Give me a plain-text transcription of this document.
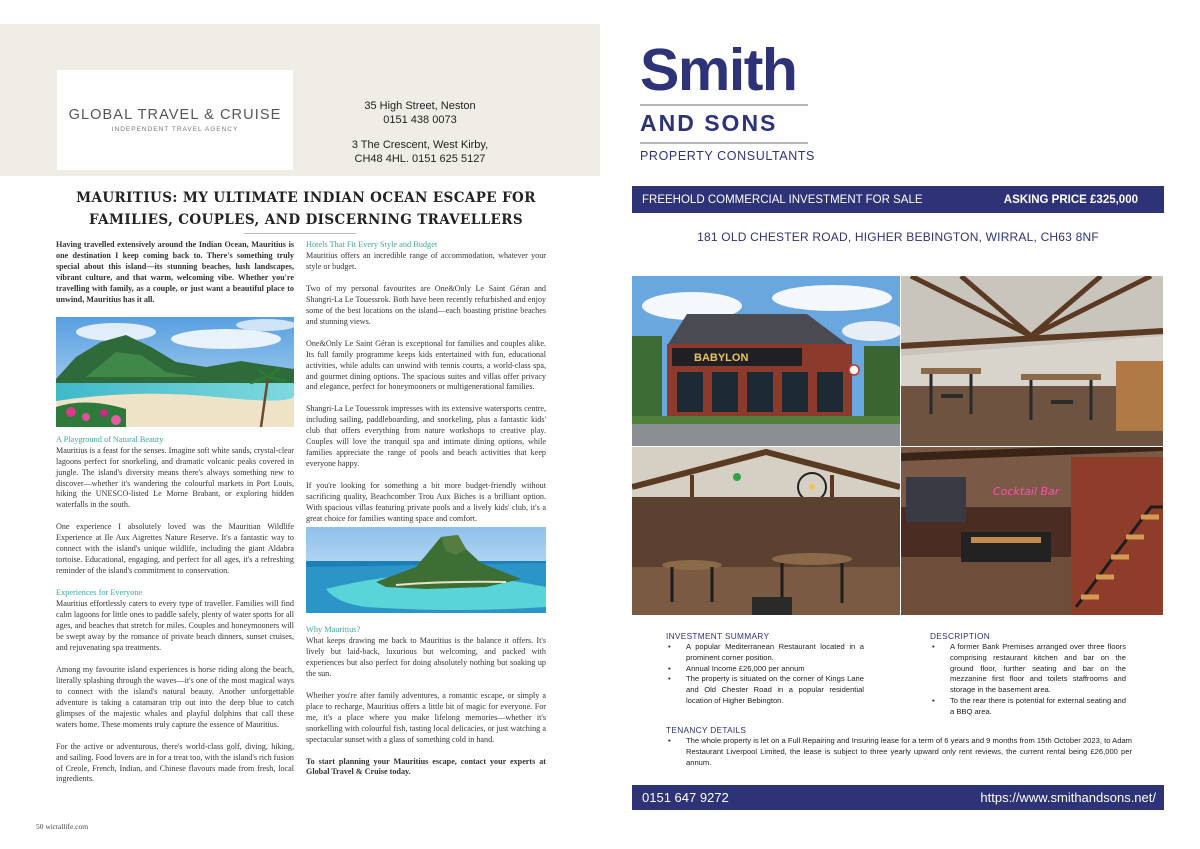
GLOBAL TRAVEL & CRUISE
INDEPENDENT TRAVEL AGENCY
35 High Street, Neston
0151 438 0073
3 The Crescent, West Kirby,
CH48 4HL. 0151 625 5127
MAURITIUS: MY ULTIMATE INDIAN OCEAN ESCAPE FOR
FAMILIES, COUPLES, AND DISCERNING TRAVELLERS

Having travelled extensively around the Indian Ocean, Mauritius is one destination I keep coming back to. There's something truly special about this island—its stunning beaches, lush landscapes, vibrant culture, and that warm, welcoming vibe. Whether you're travelling with family, as a couple, or just want a beautiful place to unwind, Mauritius has it all.

A Playground of Natural Beauty

Mauritius is a feast for the senses. Imagine soft white sands, crystal-clear lagoons perfect for snorkeling, and dramatic volcanic peaks covered in jungle. The island's diversity means there's always something new to discover—whether it's wandering the colourful markets in Port Louis, hiking the UNESCO-listed Le Morne Brabant, or exploring hidden waterfalls in the south.

One experience I absolutely loved was the Mauritian Wildlife Experience at Ile Aux Aigrettes Nature Reserve. It's a fantastic way to connect with the island's unique wildlife, including the giant Aldabra tortoise. Educational, engaging, and perfect for all ages, it's a refreshing reminder of the island's commitment to conservation.

Experiences for Everyone

Mauritius effortlessly caters to every type of traveller. Families will find calm lagoons for little ones to paddle safely, plenty of water sports for all ages, and beaches that stretch for miles. Couples and honeymooners will be swept away by the romance of private beach dinners, sunset cruises, and rejuvenating spa treatments.

Among my favourite island experiences is horse riding along the beach, literally splashing through the waves—it's one of the most magical ways to connect with the island's natural beauty. Another unforgettable adventure is taking a catamaran trip out into the deep blue to catch glimpses of the majestic whales and playful dolphins that call these waters home. These moments truly capture the essence of Mauritius.

For the active or adventurous, there's world-class golf, diving, hiking, and sailing. Food lovers are in for a treat too, with the island's rich fusion of Creole, French, Indian, and Chinese flavours made from fresh, local ingredients.

Hotels That Fit Every Style and Budget

Mauritius offers an incredible range of accommodation, whatever your style or budget.

Two of my personal favourites are One&Only Le Saint Géran and Shangri-La Le Touessrok. Both have been recently refurbished and enjoy some of the best locations on the island—each boasting pristine beaches and stunning views.

One&Only Le Saint Géran is exceptional for families and couples alike. Its full family programme keeps kids entertained with fun, educational activities, while adults can unwind with tennis courts, a world-class spa, and gourmet dining options. The spacious suites and villas offer privacy and elegance, perfect for honeymooners or multigenerational families.

Shangri-La Le Touessrok impresses with its extensive watersports centre, including sailing, paddleboarding, and snorkeling, plus a fantastic kids' club that offers everything from nature workshops to creative play. Couples will love the tranquil spa and intimate dining options, while families appreciate the range of pools and beach activities that keep everyone happy.

If you're looking for something a bit more budget-friendly without sacrificing quality, Beachcomber Trou Aux Biches is a brilliant option. With spacious villas featuring private pools and a lively kids' club, it's a great choice for families wanting space and comfort.

Why Mauritius?

What keeps drawing me back to Mauritius is the balance it offers. It's lively but laid-back, luxurious but welcoming, and packed with experiences but also perfect for doing absolutely nothing but soaking up the sun.

Whether you're after family adventures, a romantic escape, or simply a place to recharge, Mauritius offers a little bit of magic for everyone. For me, it's a place where you make lifelong memories—whether it's snorkelling with colourful fish, tasting local delicacies, or just watching a spectacular sunset with a glass of something cold in hand.

To start planning your Mauritius escape, contact your experts at Global Travel & Cruise today.

50 wirrallife.com
Smith
AND SONS
PROPERTY CONSULTANTS
FREEHOLD COMMERCIAL INVESTMENT FOR SALE	ASKING PRICE £325,000
181 OLD CHESTER ROAD, HIGHER BEBINGTON, WIRRAL, CH63 8NF
BABYLON
Cocktail Bar
INVESTMENT SUMMARY
• A popular Mediterranean Restaurant located in a prominent corner position.
• Annual Income £26,000 per annum
• The property is situated on the corner of Kings Lane and Old Chester Road in a popular residential location of Higher Bebington.
DESCRIPTION
• A former Bank Premises arranged over three floors comprising restaurant kitchen and bar on the ground floor, further seating and bar on the mezzanine first floor and toilets staffrooms and storage in the basement area.
• To the rear there is potential for external seating and a BBQ area.
TENANCY DETAILS
• The whole property is let on a Full Repairing and Insuring lease for a term of 6 years and 9 months from 15th October 2023, to Adam Restaurant Liverpool Limited, the lease is subject to three yearly upward only rent reviews, the current rental being £26,000 per annum.
0151 647 9272	https://www.smithandsons.net/
